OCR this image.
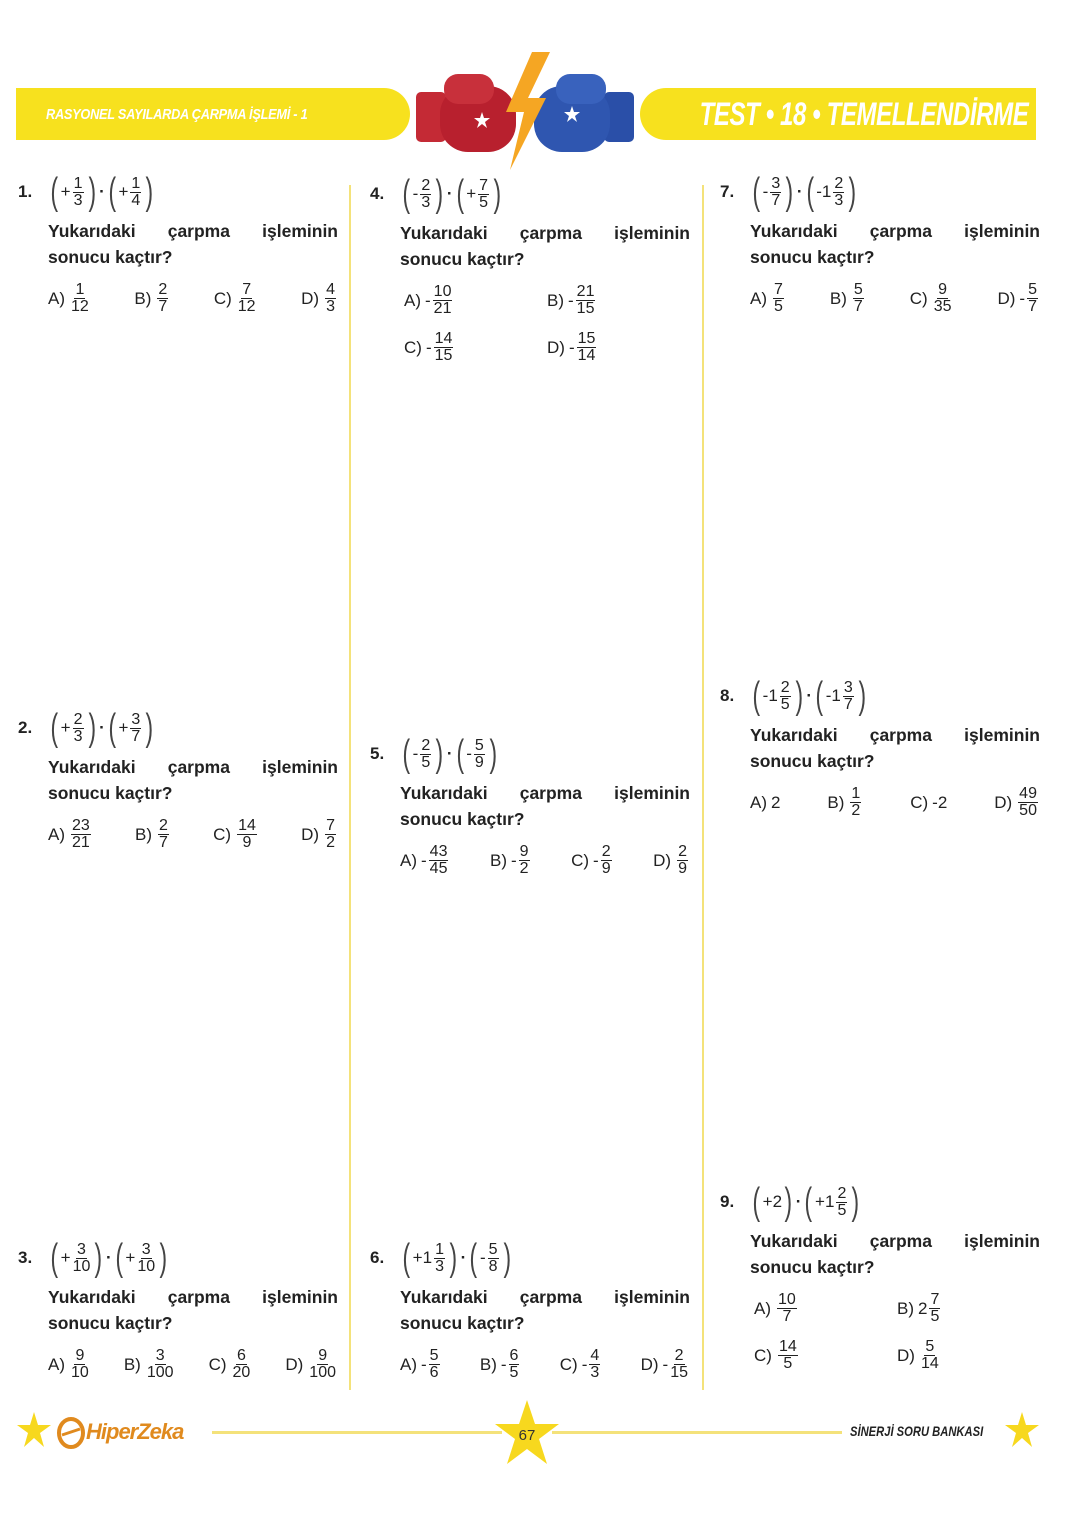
RASYONEL SAYILARDA ÇARPMA İŞLEMİ - 1	TEST • 18 • TEMELLENDİRME
1. ( + $\frac{1}{3}$ ) · ( + $\frac{1}{4}$ )
Yukarıdaki çarpma işleminin
sonucu kaçtır?
$A) \frac{1}{12}$	$B) \frac{2}{7}$	$C) \frac{7}{12}$	$D) \frac{4}{3}$
2. ( + $\frac{2}{3}$ ) · ( + $\frac{3}{7}$ )
Yukarıdaki çarpma işleminin
sonucu kaçtır?
$A) \frac{23}{21}$	$B) \frac{2}{7}$	$C) \frac{14}{9}$	$D) \frac{7}{2}$
3. ( + $\frac{3}{10}$ ) · ( + $\frac{3}{10}$ )
Yukarıdaki çarpma işleminin
sonucu kaçtır?
$A) \frac{9}{10} B) \frac{3}{100} C) \frac{6}{20} D) \frac{9}{100}$
4. ( - $\frac{2}{3}$ ) · ( + $\frac{7}{5}$ )
Yukarıdaki çarpma işleminin
sonucu kaçtır?
$A) - \frac{10}{21}$	$B) - \frac{21}{15}$
$C) - \frac{14}{15}$	$D) - \frac{15}{14}$
5. ( - $\frac{2}{5}$ ) · ( - $\frac{5}{9}$ )
Yukarıdaki çarpma işleminin
sonucu kaçtır?
$A) - \frac{43}{45} B) - \frac{9}{2} C) - \frac{2}{9} D) \frac{2}{9}$
6. ( + $1 \frac{1}{3}$ ) · ( - $\frac{5}{8}$ )
Yukarıdaki çarpma işleminin
sonucu kaçtır?
$A) - \frac{5}{6} B) - \frac{6}{5} C) - \frac{4}{3} D) - \frac{2}{15}$
7. ( - $\frac{3}{7}$ ) · ( - $1 \frac{2}{3}$ )
Yukarıdaki çarpma işleminin
sonucu kaçtır?
$A) \frac{7}{5}$	$B) \frac{5}{7}$	$C) \frac{9}{35}$	$D) - \frac{5}{7}$
8. ( - $1 \frac{2}{5}$ ) · ( - $1 \frac{3}{7}$ )
Yukarıdaki çarpma işleminin
sonucu kaçtır?
A) 2	$B) \frac{1}{2}$	C) -2	$D) \frac{49}{50}$
9. ( + 2 ) · ( + $1 \frac{2}{5}$ )
Yukarıdaki çarpma işleminin
sonucu kaçtır?
$A) \frac{10}{7}$	B) $2 \frac{7}{5}$
$C) \frac{14}{5}$	$D) \frac{5}{14}$
67
HiperZeka	SİNERJİ SORU BANKASI
